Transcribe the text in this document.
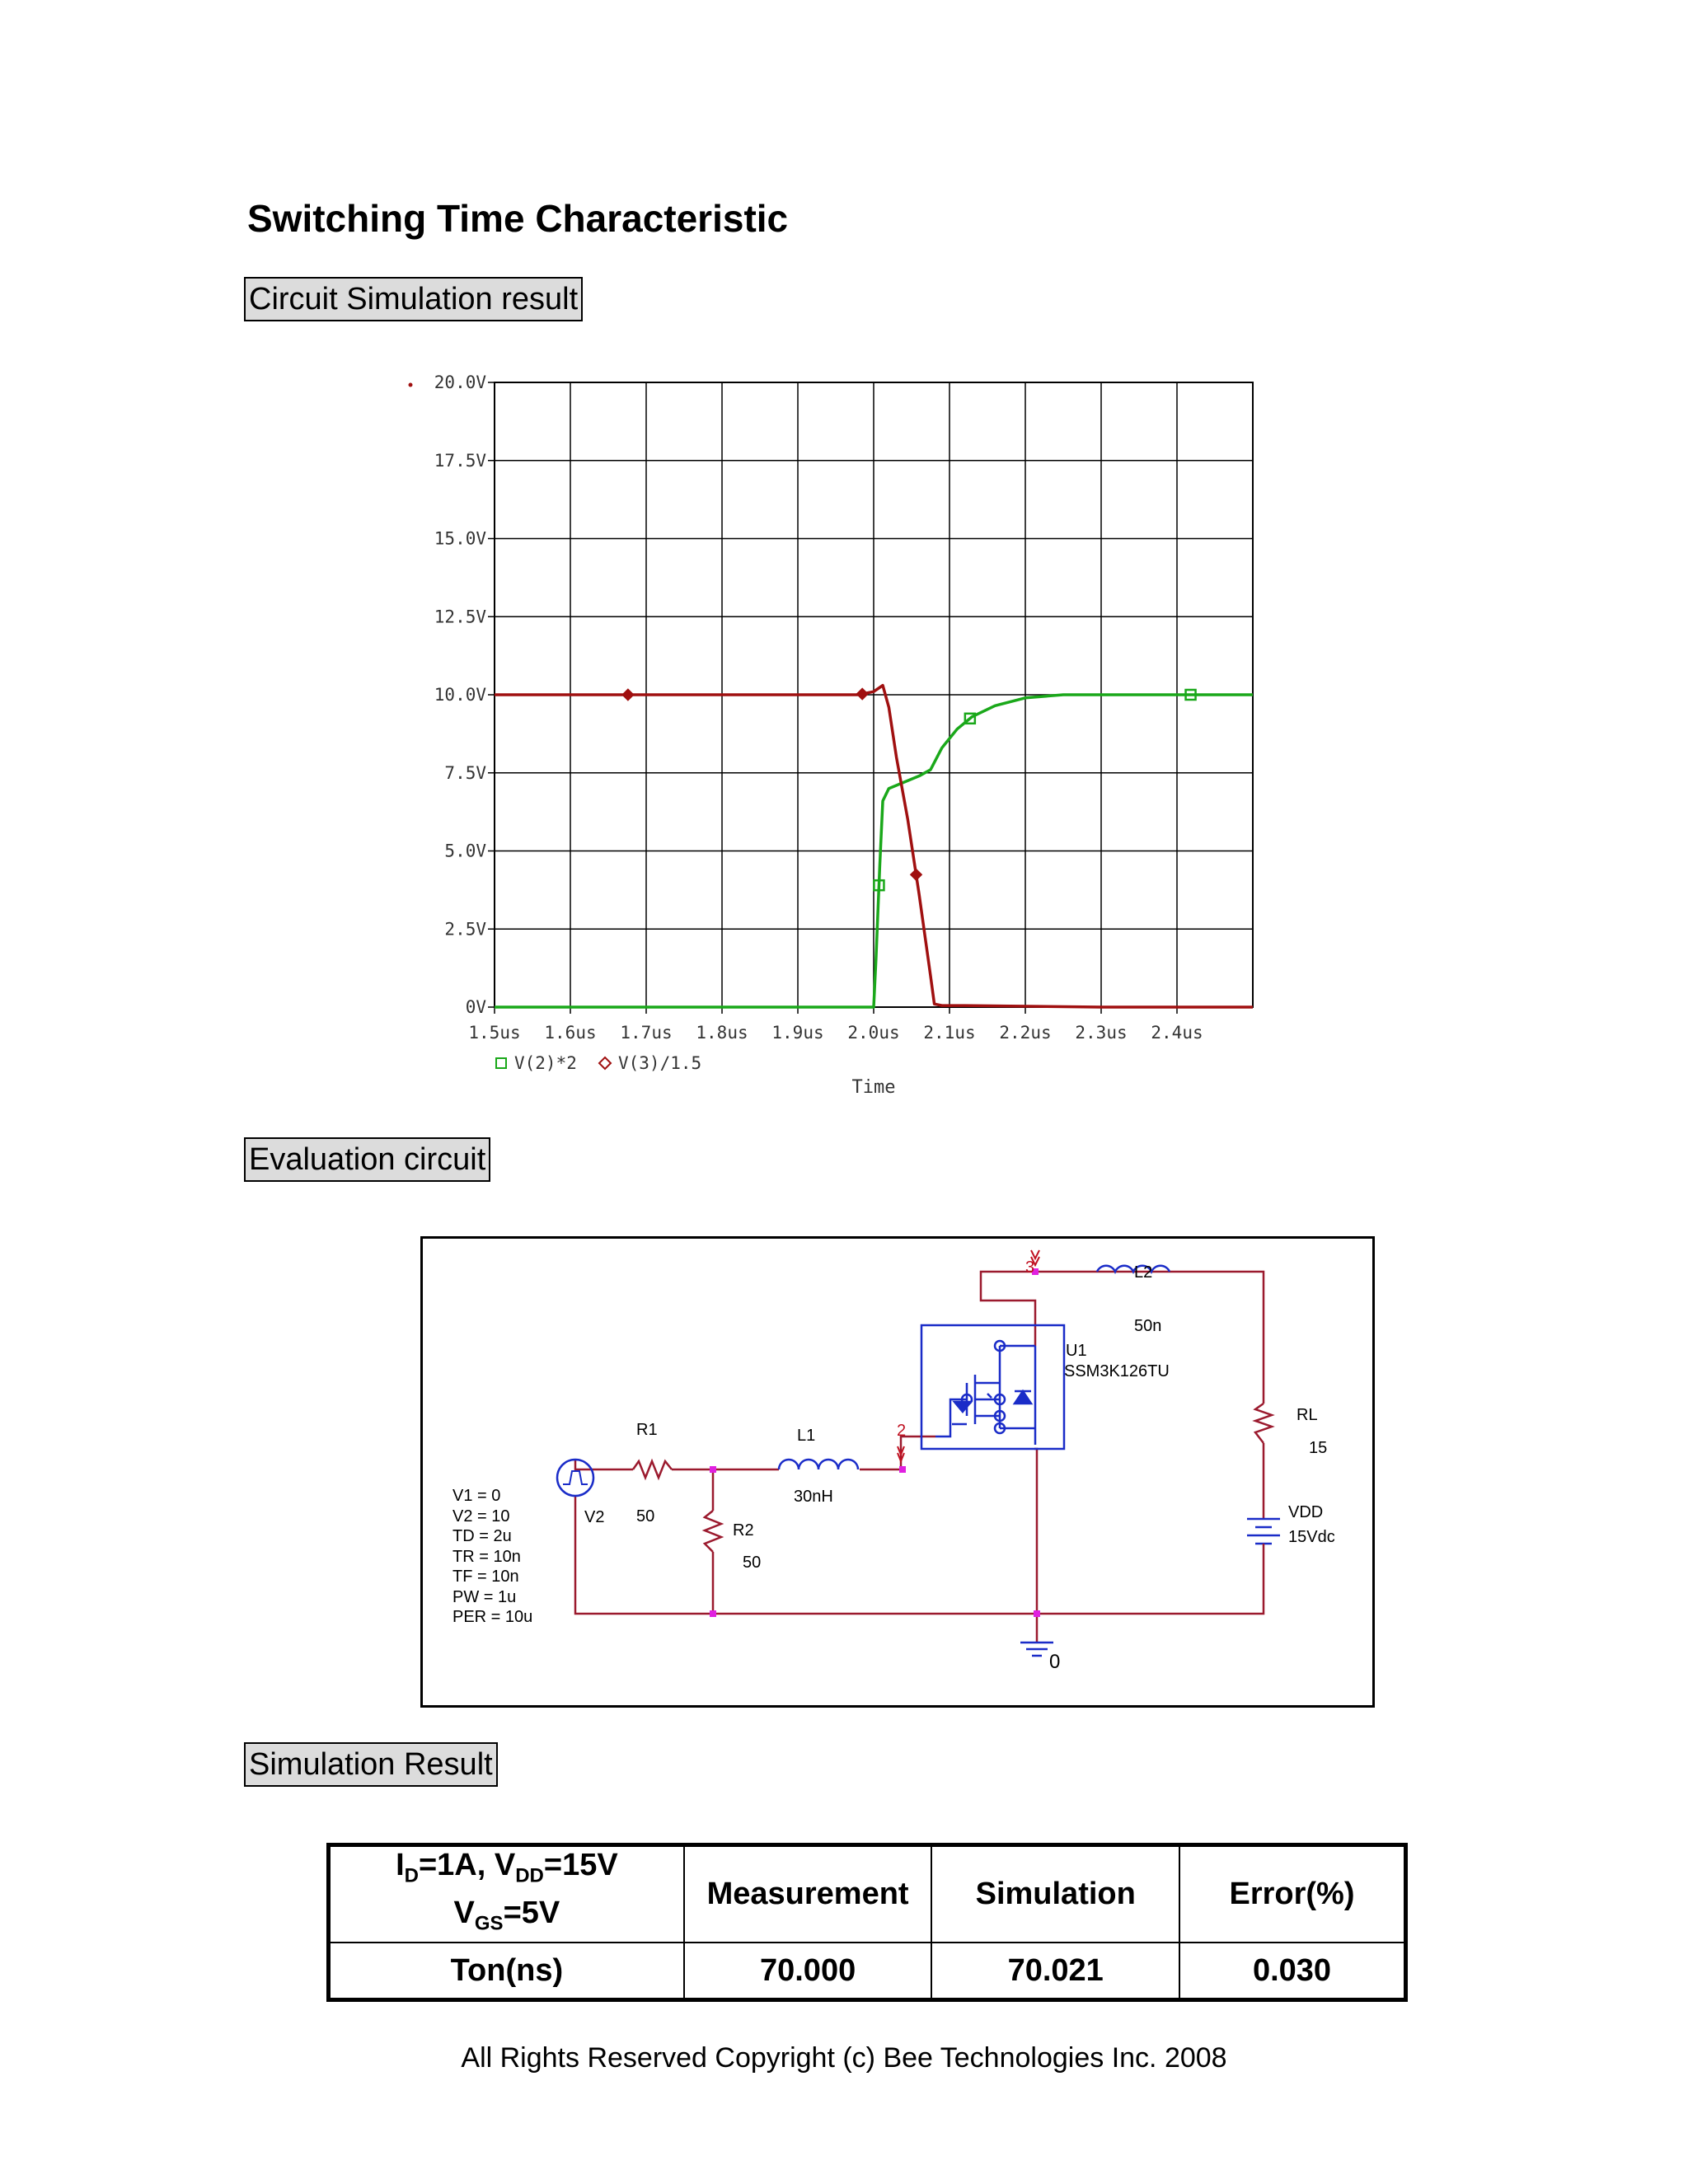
Switching Time Characteristic
Circuit Simulation result
0V
2.5V
5.0V
7.5V
10.0V
12.5V
15.0V
17.5V
20.0V
1.5us 1.6us 1.7us 1.8us 1.9us 2.0us 2.1us 2.2us 2.3us 2.4us
V(2)*2 V(3)/1.5
Time
Evaluation circuit
V1 = 0
V2 = 10
TD = 2u
TR = 10n
TF = 10n
PW = 1u
PER = 10u
V2
R1
50
R2
50
L1
30nH
L2
50n
RL
15
VDD
15Vdc
U1
SSM3K126TU
2
3
0
Simulation Result
$I_D=1A$, $V_{DD}=15V$
$V_{GS}=5V$	Measurement	Simulation	Error(%)
Ton(ns)	70.000	70.021	0.030
All Rights Reserved Copyright (c) Bee Technologies Inc. 2008
